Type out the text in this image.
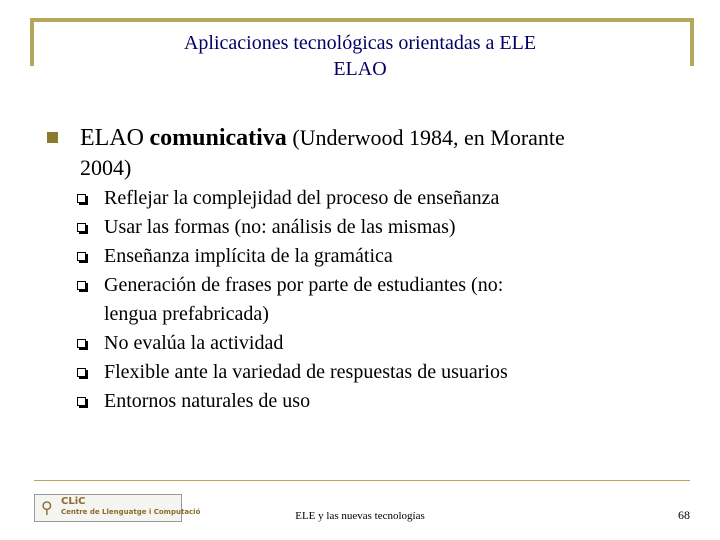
Aplicaciones tecnológicas orientadas a ELE
ELAO
ELAO comunicativa (Underwood 1984, en Morante
2004)
Reflejar la complejidad del proceso de enseñanza
Usar las formas (no: análisis de las mismas)
Enseñanza implícita de la gramática
Generación de frases por parte de estudiantes (no:
lengua prefabricada)
No evalúa la actividad
Flexible ante la variedad de respuestas de usuarios
Entornos naturales de uso
⚲ CLiC
Centre de Llenguatge i Computació	ELE y las nuevas tecnologías	68
